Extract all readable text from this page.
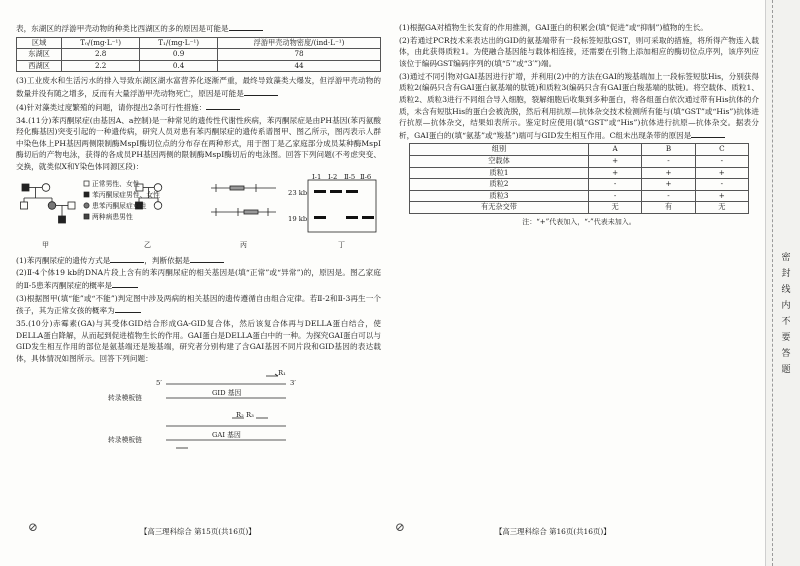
表，东湖区的浮游甲壳动物的种类比西湖区的多的原因是可能是

区域	T₀/(mg·L⁻¹)	T₁/(mg·L⁻¹)	浮游甲壳动物密度/(ind·L⁻¹)
东湖区	2.8	0.9	78
西湖区	2.2	0.4	44

(3)工业废水和生活污水的排入导致东湖区湖水富营养化逐渐严重，最终导致藻类大爆发，但浮游甲壳动物的数量并没有随之增多，反而有大量浮游甲壳动物死亡，原因是可能是

(4)针对藻类过度繁殖的问题，请你提出2条可行性措施：

34.(11分)苯丙酮尿症(由基因A、a控制)是一种常见的遗传性代谢性疾病，苯丙酮尿症是由PH基因(苯丙氨酸羟化酶基因)突变引起的一种遗传病，研究人员对患有苯丙酮尿症的遗传系谱图甲、图乙所示，图丙表示人群中染色体上PH基因两侧限制酶MspⅠ酶切位点的分布存在两种形式，用于图丁是乙家庭部分成员某种酶MspⅠ酶切后的产物电泳，获得的各成员PH基因两侧的限制酶MspⅠ酶切后的电泳图。回答下列问题(不考虑突变、交换，就类似X和Y染色体同源区段)：

正常男性、女性
苯丙酮尿症男性、女性
患苯丙酮尿症女性
两种病患男性
23 kb
19 kb
Ⅰ-1 Ⅰ-2 Ⅱ-5 Ⅱ-6
甲	乙	丙	丁

(1)苯丙酮尿症的遗传方式是	，判断依据是

(2)Ⅱ-4个体19 kb的DNA片段上含有的苯丙酮尿症的相关基因是(填“正常”或“异常”)的，原因是。图乙家庭的Ⅱ-5患苯丙酮尿症的概率是

(3)根据图甲(填“能”或“不能”)判定图中涉及两病的相关基因的遗传遵循自由组合定律。若Ⅱ-2和Ⅱ-3再生一个孩子，其为正常女孩的概率为

35.(10分)赤霉素(GA)与其受体GID结合形成GA-GID复合体，然后该复合体再与DELLA蛋白结合，使DELLA蛋白降解，从而起到促进植物生长的作用。GAI蛋白是DELLA蛋白中的一种。为探究GAI蛋白可以与GID发生相互作用的部位是氨基端还是羧基端，研究者分别构建了含GAI基因不同片段和GID基因的表达载体，具体情况如图所示。回答下列问题：

转录模板链
GID 基因
R₁
转录模板链
GAI 基因
R₂ R₃
5′	3′
⊘	【高三理科综合 第15页(共16页)】

(1)根据GA对植物生长发育的作用推测，GAI蛋白的积累会(填“促进”或“抑制”)植物的生长。

(2)若通过PCR技术来表达出的GID的氨基端带有一段标签短肽GST，则可采取的措施，将所得产物连入载体，由此获得质粒1。为使融合基因能与载体相连接，还需要在引物上添加相应的酶切位点序列，该序列应该位于编码GST编码序列的(填“5′”或“3′”)端。

(3)通过不同引物对GAI基因进行扩增，并利用(2)中的方法在GAI的羧基端加上一段标签短肽His，分别获得质粒2(编码只含有GAI蛋白氨基端的肽链)和质粒3(编码只含有GAI蛋白羧基端的肽链)。将空载体、质粒1、质粒2、质粒3进行不同组合导入细胞，裂解细胞后收集到多种蛋白，将各组蛋白依次通过带有His抗体的介质，未含有短肽His的蛋白会被洗脱，然后利用抗原—抗体杂交技术检测所有能与(填“GST”或“His”)抗体进行抗原—抗体杂交，结果如表所示。鉴定时应使用(填“GST”或“His”)抗体进行抗原—抗体杂交。据表分析，GAI蛋白的(填“氨基”或“羧基”)端可与GID发生相互作用。C组未出现条带的原因是

组别	A	B	C
空载体	+	-	-
质粒1	+	+	+
质粒2	-	+	-
质粒3	-	-	+
有无杂交带	无	有	无

注：“+”代表加入，“-”代表未加入。

⊘	【高三理科综合 第16页(共16页)】
密 封 线 内 不 要 答 题
